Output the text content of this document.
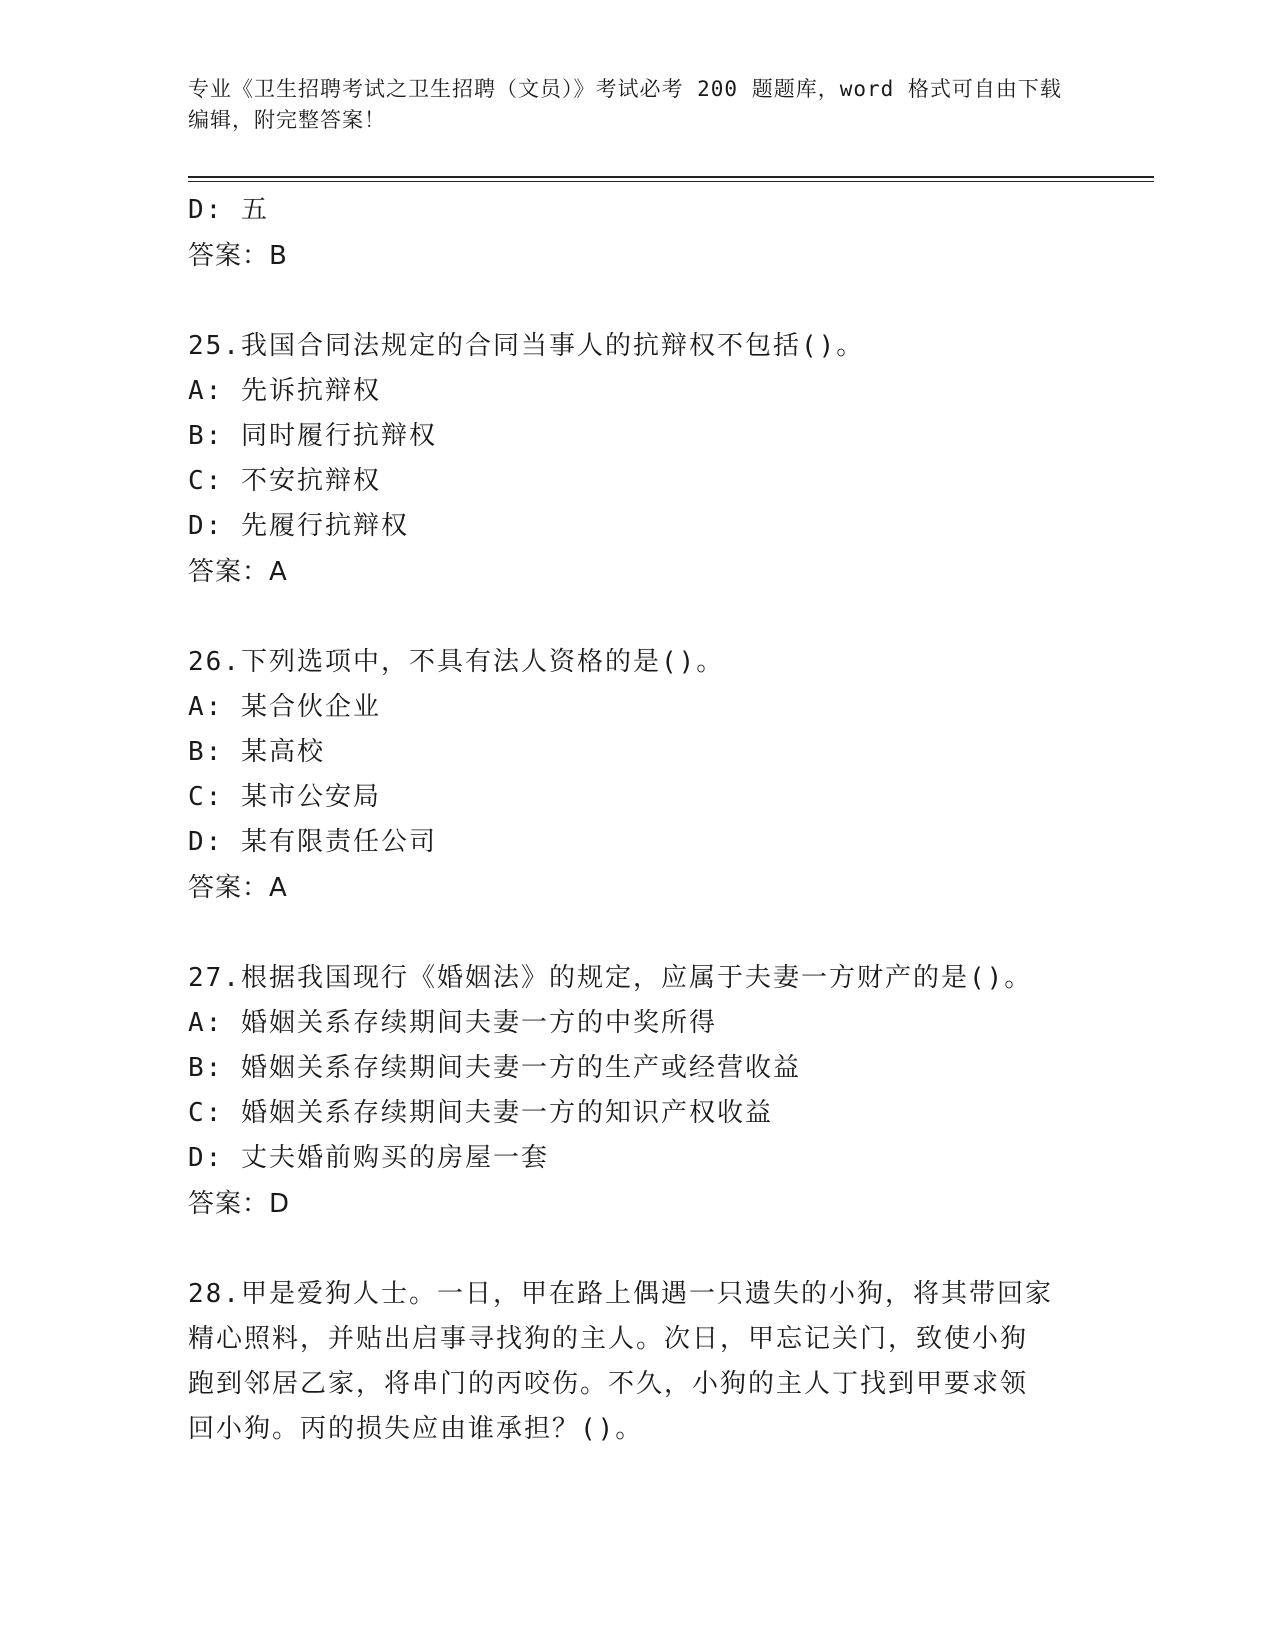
专业《卫生招聘考试之卫生招聘（文员）》考试必考 200 题题库，word 格式可自由下载编辑，附完整答案！
D: 五
答案：B
25.我国合同法规定的合同当事人的抗辩权不包括()。
A: 先诉抗辩权
B: 同时履行抗辩权
C: 不安抗辩权
D: 先履行抗辩权
答案：A
26.下列选项中，不具有法人资格的是()。
A: 某合伙企业
B: 某高校
C: 某市公安局
D: 某有限责任公司
答案：A
27.根据我国现行《婚姻法》的规定，应属于夫妻一方财产的是()。
A: 婚姻关系存续期间夫妻一方的中奖所得
B: 婚姻关系存续期间夫妻一方的生产或经营收益
C: 婚姻关系存续期间夫妻一方的知识产权收益
D: 丈夫婚前购买的房屋一套
答案：D
28.甲是爱狗人士。一日，甲在路上偶遇一只遗失的小狗，将其带回家
精心照料，并贴出启事寻找狗的主人。次日，甲忘记关门，致使小狗
跑到邻居乙家，将串门的丙咬伤。不久，小狗的主人丁找到甲要求领
回小狗。丙的损失应由谁承担？()。
